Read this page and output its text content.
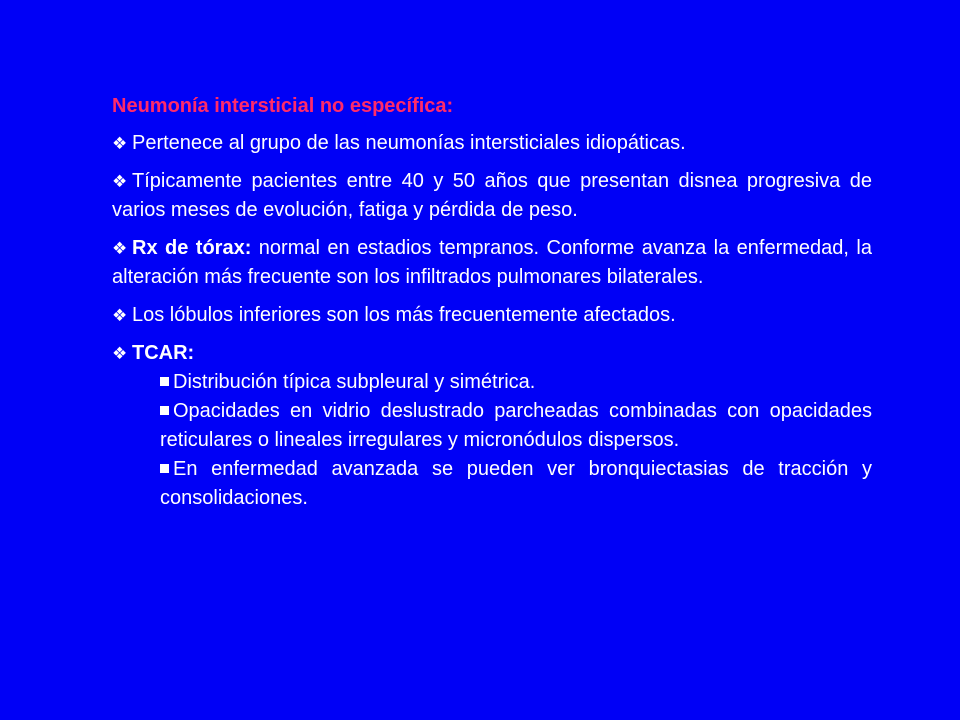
Neumonía intersticial no específica:
❖ Pertenece al grupo de las neumonías intersticiales idiopáticas.
❖ Típicamente pacientes entre 40 y 50 años que presentan disnea progresiva de varios meses de evolución, fatiga y pérdida de peso.
❖ Rx de tórax: normal en estadios tempranos. Conforme avanza la enfermedad, la alteración más frecuente son los infiltrados pulmonares bilaterales.
❖ Los lóbulos inferiores son los más frecuentemente afectados.
❖ TCAR:
Distribución típica subpleural y simétrica.
Opacidades en vidrio deslustrado parcheadas combinadas con opacidades reticulares o lineales irregulares y micronódulos dispersos.
En enfermedad avanzada se pueden ver bronquiectasias de tracción y consolidaciones.
